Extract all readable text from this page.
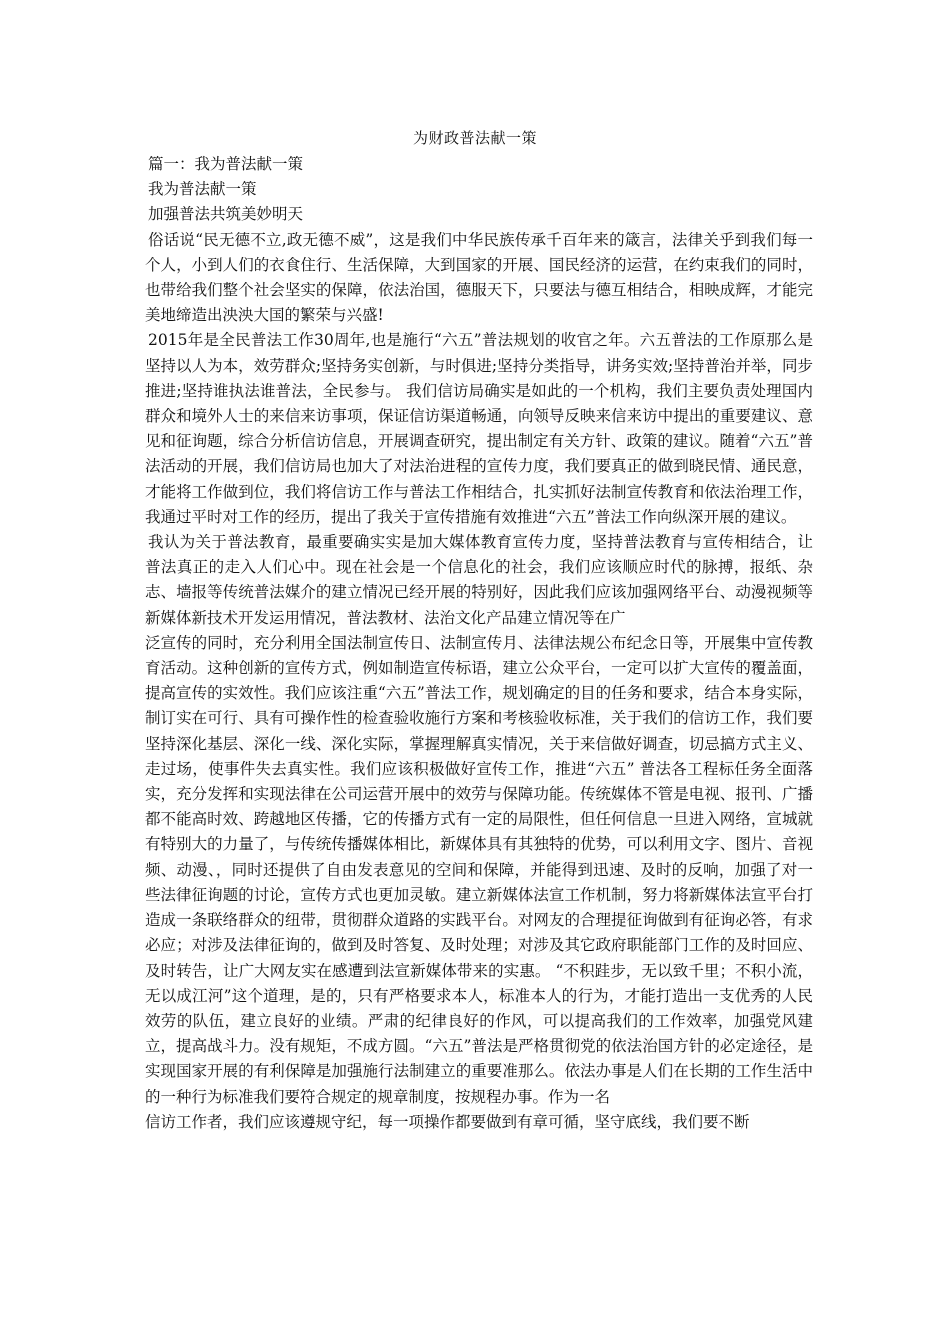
为财政普法献一策

篇一：我为普法献一策

我为普法献一策

加强普法共筑美妙明天

俗话说“民无德不立,政无德不威”，这是我们中华民族传承千百年来的箴言，法律关乎到我们每一个人，小到人们的衣食住行、生活保障，大到国家的开展、国民经济的运营，在约束我们的同时，也带给我们整个社会坚实的保障，依法治国，德服天下，只要法与德互相结合，相映成辉，才能完美地缔造出泱泱大国的繁荣与兴盛!

2015年是全民普法工作30周年,也是施行“六五”普法规划的收官之年。六五普法的工作原那么是坚持以人为本，效劳群众;坚持务实创新，与时俱进;坚持分类指导，讲务实效;坚持普治并举，同步推进;坚持谁执法谁普法，全民参与。 我们信访局确实是如此的一个机构，我们主要负责处理国内群众和境外人士的来信来访事项，保证信访渠道畅通，向领导反映来信来访中提出的重要建议、意见和征询题，综合分析信访信息，开展调查研究，提出制定有关方针、政策的建议。随着“六五”普法活动的开展，我们信访局也加大了对法治进程的宣传力度，我们要真正的做到晓民情、通民意，才能将工作做到位，我们将信访工作与普法工作相结合，扎实抓好法制宣传教育和依法治理工作，我通过平时对工作的经历，提出了我关于宣传措施有效推进“六五”普法工作向纵深开展的建议。

我认为关于普法教育，最重要确实实是加大媒体教育宣传力度，坚持普法教育与宣传相结合，让普法真正的走入人们心中。现在社会是一个信息化的社会，我们应该顺应时代的脉搏，报纸、杂志、墙报等传统普法媒介的建立情况已经开展的特别好，因此我们应该加强网络平台、动漫视频等新媒体新技术开发运用情况，普法教材、法治文化产品建立情况等在广

泛宣传的同时，充分利用全国法制宣传日、法制宣传月、法律法规公布纪念日等，开展集中宣传教育活动。这种创新的宣传方式，例如制造宣传标语，建立公众平台，一定可以扩大宣传的覆盖面，提高宣传的实效性。我们应该注重“六五”普法工作，规划确定的目的任务和要求，结合本身实际，制订实在可行、具有可操作性的检查验收施行方案和考核验收标准，关于我们的信访工作，我们要坚持深化基层、深化一线、深化实际，掌握理解真实情况，关于来信做好调查，切忌搞方式主义、走过场，使事件失去真实性。我们应该积极做好宣传工作，推进“六五” 普法各工程标任务全面落实，充分发挥和实现法律在公司运营开展中的效劳与保障功能。传统媒体不管是电视、报刊、广播都不能高时效、跨越地区传播，它的传播方式有一定的局限性，但任何信息一旦进入网络，宣城就有特别大的力量了，与传统传播媒体相比，新媒体具有其独特的优势，可以利用文字、图片、音视频、动漫、，同时还提供了自由发表意见的空间和保障，并能得到迅速、及时的反响，加强了对一些法律征询题的讨论，宣传方式也更加灵敏。建立新媒体法宣工作机制，努力将新媒体法宣平台打造成一条联络群众的纽带，贯彻群众道路的实践平台。对网友的合理提征询做到有征询必答，有求必应；对涉及法律征询的，做到及时答复、及时处理；对涉及其它政府职能部门工作的及时回应、及时转告，让广大网友实在感遭到法宣新媒体带来的实惠。 “不积跬步，无以致千里；不积小流，无以成江河”这个道理，是的，只有严格要求本人，标准本人的行为，才能打造出一支优秀的人民效劳的队伍，建立良好的业绩。严肃的纪律良好的作风，可以提高我们的工作效率，加强党风建立，提高战斗力。没有规矩，不成方圆。“六五”普法是严格贯彻党的依法治国方针的必定途径，是实现国家开展的有利保障是加强施行法制建立的重要准那么。依法办事是人们在长期的工作生活中的一种行为标准我们要符合规定的规章制度，按规程办事。作为一名

信访工作者，我们应该遵规守纪，每一项操作都要做到有章可循，坚守底线，我们要不断
